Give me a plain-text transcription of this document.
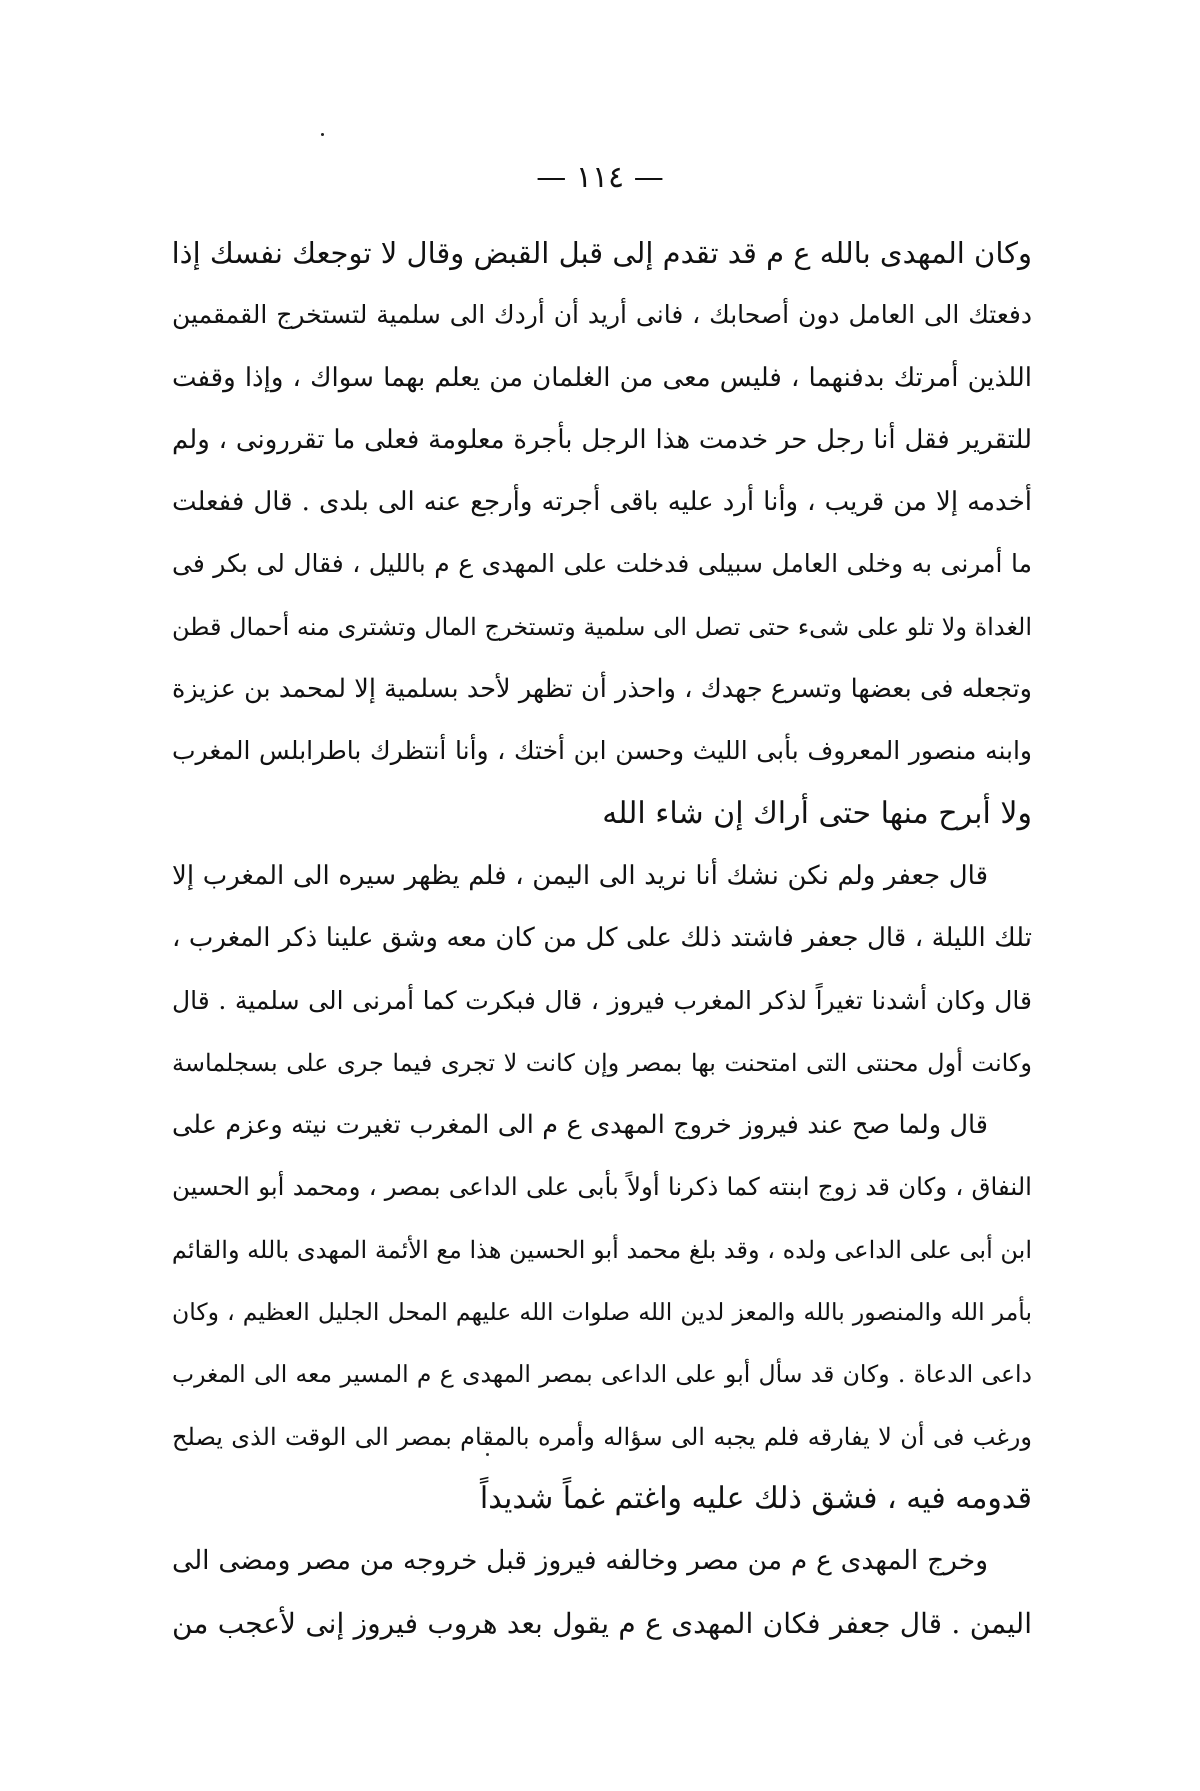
— ١١٤ —
وكان المهدى بالله ع م قد تقدم إلى قبل القبض وقال لا توجعك نفسك إذا
دفعتك الى العامل دون أصحابك ، فانى أريد أن أردك الى سلمية لتستخرج القمقمين
اللذين أمرتك بدفنهما ، فليس معى من الغلمان من يعلم بهما سواك ، وإذا وقفت
للتقرير فقل أنا رجل حر خدمت هذا الرجل بأجرة معلومة فعلى ما تقررونى ، ولم
أخدمه إلا من قريب ، وأنا أرد عليه باقى أجرته وأرجع عنه الى بلدى . قال ففعلت
ما أمرنى به وخلى العامل سبيلى فدخلت على المهدى ع م بالليل ، فقال لى بكر فى
الغداة ولا تلو على شىء حتى تصل الى سلمية وتستخرج المال وتشترى منه أحمال قطن
وتجعله فى بعضها وتسرع جهدك ، واحذر أن تظهر لأحد بسلمية إلا لمحمد بن عزيزة
وابنه منصور المعروف بأبى الليث وحسن ابن أختك ، وأنا أنتظرك باطرابلس المغرب
ولا أبرح منها حتى أراك إن شاء الله
قال جعفر ولم نكن نشك أنا نريد الى اليمن ، فلم يظهر سيره الى المغرب إلا
تلك الليلة ، قال جعفر فاشتد ذلك على كل من كان معه وشق علينا ذكر المغرب ،
قال وكان أشدنا تغيراً لذكر المغرب فيروز ، قال فبكرت كما أمرنى الى سلمية . قال
وكانت أول محنتى التى امتحنت بها بمصر وإن كانت لا تجرى فيما جرى على بسجلماسة
قال ولما صح عند فيروز خروج المهدى ع م الى المغرب تغيرت نيته وعزم على
النفاق ، وكان قد زوج ابنته كما ذكرنا أولاً بأبى على الداعى بمصر ، ومحمد أبو الحسين
ابن أبى على الداعى ولده ، وقد بلغ محمد أبو الحسين هذا مع الأئمة المهدى بالله والقائم
بأمر الله والمنصور بالله والمعز لدين الله صلوات الله عليهم المحل الجليل العظيم ، وكان
داعى الدعاة . وكان قد سأل أبو على الداعى بمصر المهدى ع م المسير معه الى المغرب
ورغب فى أن لا يفارقه فلم يجبه الى سؤاله وأمره بالمقام بمصر الى الوقت الذى يصلح
قدومه فيه ، فشق ذلك عليه واغتم غماً شديداً
وخرج المهدى ع م من مصر وخالفه فيروز قبل خروجه من مصر ومضى الى
اليمن . قال جعفر فكان المهدى ع م يقول بعد هروب فيروز إنى لأعجب من
